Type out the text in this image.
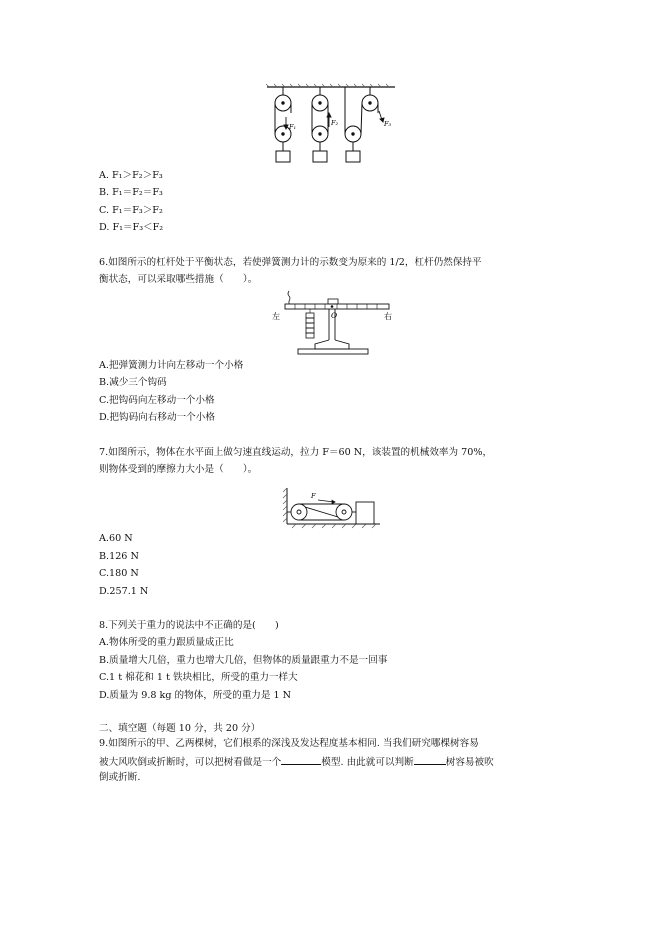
F₁	F₂	F₃
A. F₁＞F₂＞F₃
B. F₁＝F₂＝F₃
C. F₁＝F₃＞F₂
D. F₁＝F₃＜F₂
6.如图所示的杠杆处于平衡状态，若使弹簧测力计的示数变为原来的 1/2，杠杆仍然保持平
衡状态，可以采取哪些措施（　　）。
左	O	右
A.把弹簧测力计向左移动一个小格
B.减少三个钩码
C.把钩码向左移动一个小格
D.把钩码向右移动一个小格
7.如图所示，物体在水平面上做匀速直线运动，拉力 F＝60 N，该装置的机械效率为 70%，
则物体受到的摩擦力大小是（　　）。
F
A.60 N
B.126 N
C.180 N
D.257.1 N
8.下列关于重力的说法中不正确的是(　　)
A.物体所受的重力跟质量成正比
B.质量增大几倍，重力也增大几倍，但物体的质量跟重力不是一回事
C.1 t 棉花和 1 t 铁块相比，所受的重力一样大
D.质量为 9.8 kg 的物体，所受的重力是 1 N
二、填空题（每题 10 分，共 20 分）
9.如图所示的甲、乙两棵树，它们根系的深浅及发达程度基本相同. 当我们研究哪棵树容易
被大风吹倒或折断时，可以把树看做是一个	模型. 由此就可以判断	树容易被吹
倒或折断.
